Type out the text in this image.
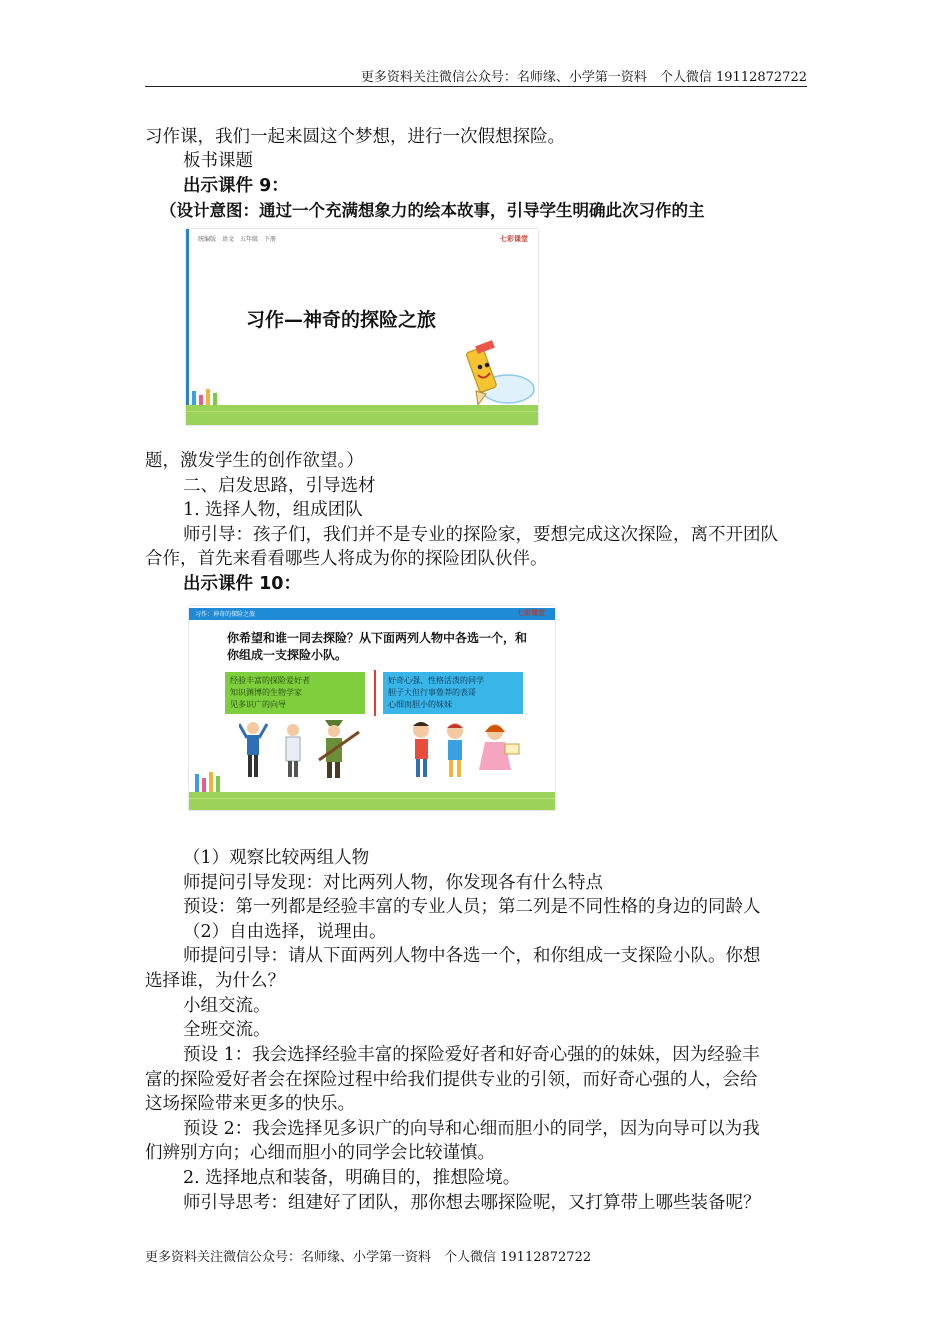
更多资料关注微信公众号：名师缘、小学第一资料　个人微信 19112872722
习作课，我们一起来圆这个梦想，进行一次假想探险。
板书课题
出示课件 9：
（设计意图：通过一个充满想象力的绘本故事，引导学生明确此次习作的主
统编版　语文　五年级　下册	七彩课堂
习作—神奇的探险之旅
题，激发学生的创作欲望。）
二、启发思路，引导选材
1. 选择人物，组成团队
师引导：孩子们，我们并不是专业的探险家，要想完成这次探险，离不开团队
合作，首先来看看哪些人将成为你的探险团队伙伴。
出示课件 10：
习作：神奇的探险之旅	七彩课堂
你希望和谁一同去探险？从下面两列人物中各选一个，和你组成一支探险小队。
经验丰富的探险爱好者
知识渊博的生物学家
见多识广的向导
好奇心强、性格活泼的同学
胆子大但行事鲁莽的表哥
心细而胆小的妹妹
（1）观察比较两组人物
师提问引导发现：对比两列人物，你发现各有什么特点
预设：第一列都是经验丰富的专业人员；第二列是不同性格的身边的同龄人
（2）自由选择，说理由。
师提问引导：请从下面两列人物中各选一个，和你组成一支探险小队。你想
选择谁，为什么？
小组交流。
全班交流。
预设 1：我会选择经验丰富的探险爱好者和好奇心强的的妹妹，因为经验丰
富的探险爱好者会在探险过程中给我们提供专业的引领，而好奇心强的人，会给
这场探险带来更多的快乐。
预设 2：我会选择见多识广的向导和心细而胆小的同学，因为向导可以为我
们辨别方向；心细而胆小的同学会比较谨慎。
2. 选择地点和装备，明确目的，推想险境。
师引导思考：组建好了团队，那你想去哪探险呢，又打算带上哪些装备呢？
更多资料关注微信公众号：名师缘、小学第一资料　个人微信 19112872722
